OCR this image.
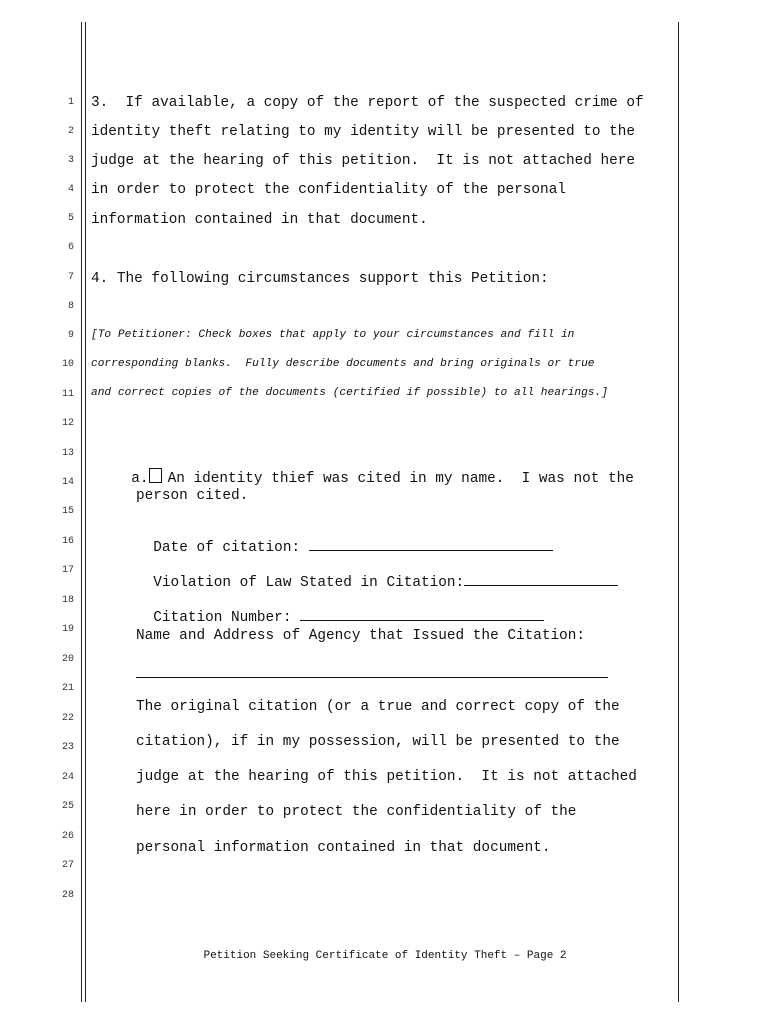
1
2
3
4
5
6
7
8
9
10
11
12
13
14
15
16
17
18
19
20
21
22
23
24
25
26
27
28
3.  If available, a copy of the report of the suspected crime of
identity theft relating to my identity will be presented to the
judge at the hearing of this petition.  It is not attached here
in order to protect the confidentiality of the personal
information contained in that document.
4. The following circumstances support this Petition:
[To Petitioner: Check boxes that apply to your circumstances and fill in
corresponding blanks.  Fully describe documents and bring originals or true
and correct copies of the documents (certified if possible) to all hearings.]

a. An identity thief was cited in my name.  I was not the

person cited.

Date of citation:

Violation of Law Stated in Citation:

Citation Number:

Name and Address of Agency that Issued the Citation:
The original citation (or a true and correct copy of the
citation), if in my possession, will be presented to the
judge at the hearing of this petition.  It is not attached
here in order to protect the confidentiality of the
personal information contained in that document.
Petition Seeking Certificate of Identity Theft – Page 2
